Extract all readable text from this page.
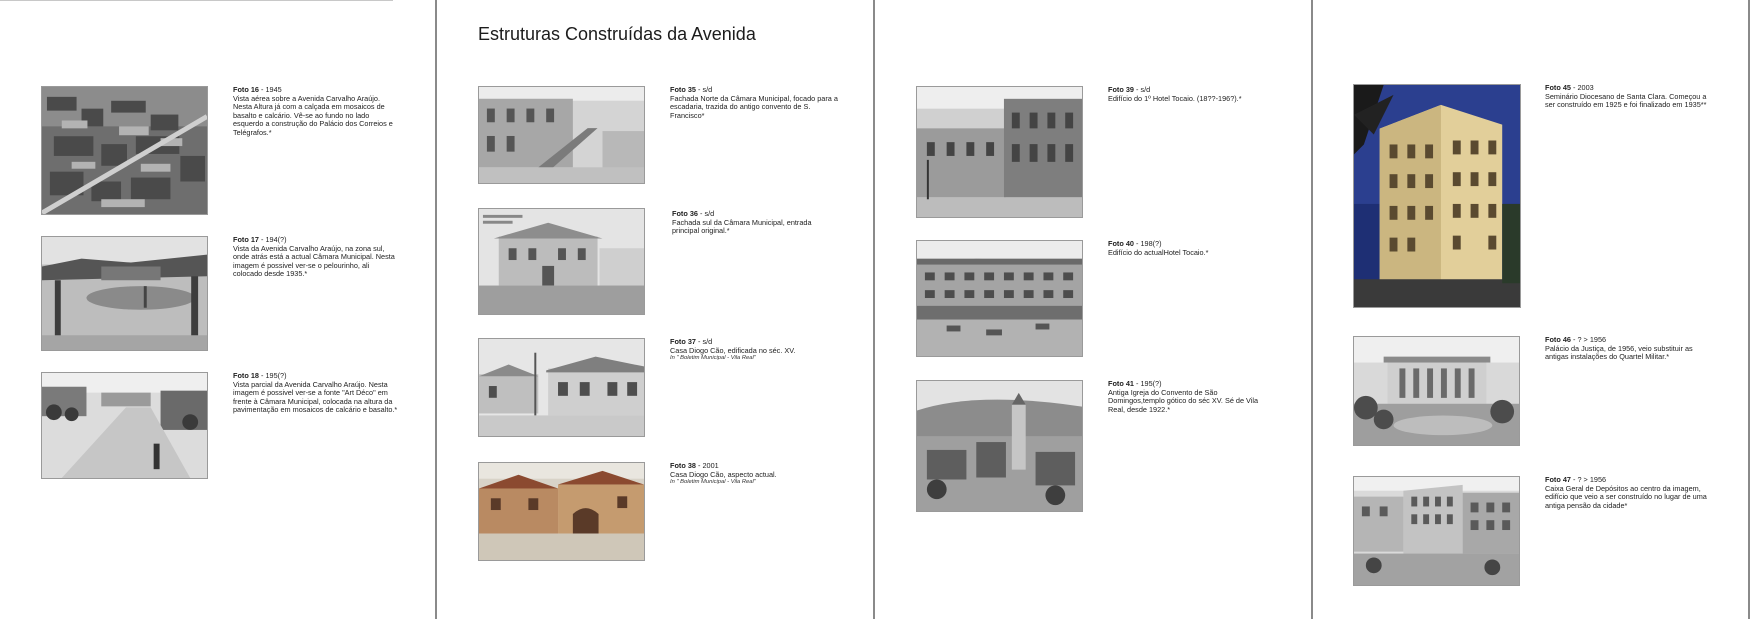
Estruturas Construídas da Avenida
Foto 16 - 1945
Vista aérea sobre a Avenida Carvalho Araújo. Nesta Altura já com a calçada em mosaicos de basalto e calcário. Vê-se ao fundo no lado esquerdo a construção do Palácio dos Correios e Telégrafos.*
Foto 17 - 194(?)
Vista da Avenida Carvalho Araújo, na zona sul, onde atrás está a actual Câmara Municipal. Nesta imagem é possivel ver-se o pelourinho, ali colocado desde 1935.*
Foto 18 - 195(?)
Vista parcial da Avenida Carvalho Araújo. Nesta imagem é possivel ver-se a fonte "Art Déco" em frente à Câmara Municipal, colocada na altura da pavimentação em mosaicos de calcário e basalto.*
Foto 35 - s/d
Fachada Norte da Câmara Municipal, focado para a escadaria, trazida do antigo convento de S. Francisco*
Foto 36 - s/d
Fachada sul da Câmara Municipal, entrada principal original.*
Foto 37 - s/d
Casa Diogo Cão, edificada no séc. XV.
In " Boletim Municipal - Vila Real"
Foto 38 - 2001
Casa Diogo Cão, aspecto actual.
In " Boletim Municipal - Vila Real"
Foto 39 - s/d
Edifício do 1º Hotel Tocaio. (18??-196?).*
Foto 40 - 198(?)
Edifício do actualHotel Tocaio.*
Foto 41 - 195(?)
Antiga Igreja do Convento de São Domingos,templo gótico do séc XV. Sé de Vila Real, desde 1922.*
Foto 45 - 2003
Seminário Diocesano de Santa Clara. Começou a ser construído em 1925 e foi finalizado em 1935**
Foto 46 - ? > 1956
Palácio da Justiça, de 1956, veio substituir as antigas instalações do Quartel Militar.*
Foto 47 - ? > 1956
Caixa Geral de Depósitos ao centro da imagem, edifício que veio a ser construído no lugar de uma antiga pensão da cidade*
